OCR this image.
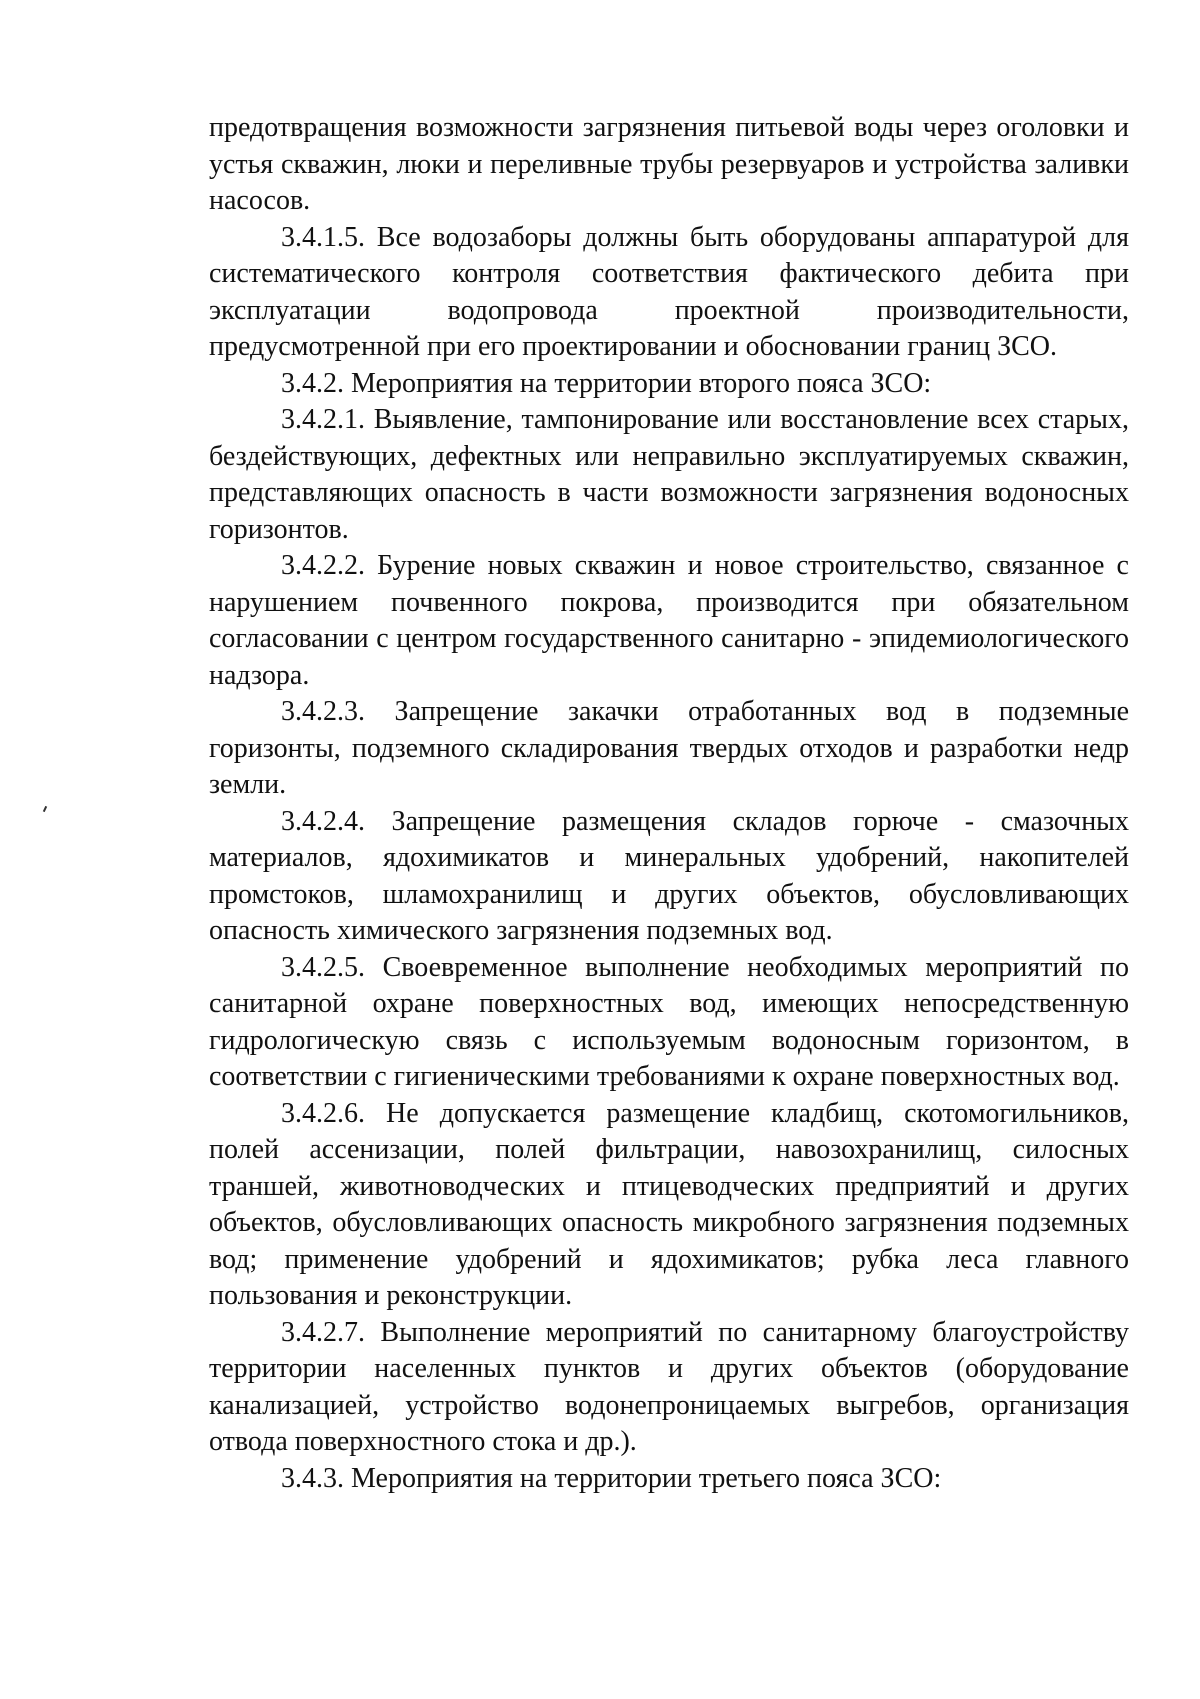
предотвращения возможности загрязнения питьевой воды через оголовки и устья скважин, люки и переливные трубы резервуаров и устройства заливки насосов.

3.4.1.5. Все водозаборы должны быть оборудованы аппаратурой для систематического контроля соответствия фактического дебита при эксплуатации водопровода проектной производительности, предусмотренной при его проектировании и обосновании границ ЗСО.

3.4.2. Мероприятия на территории второго пояса ЗСО:

3.4.2.1. Выявление, тампонирование или восстановление всех старых, бездействующих, дефектных или неправильно эксплуатируемых скважин, представляющих опасность в части возможности загрязнения водоносных горизонтов.

3.4.2.2. Бурение новых скважин и новое строительство, связанное с нарушением почвенного покрова, производится при обязательном согласовании с центром государственного санитарно - эпидемиологического надзора.

3.4.2.3. Запрещение закачки отработанных вод в подземные горизонты, подземного складирования твердых отходов и разработки недр земли.

3.4.2.4. Запрещение размещения складов горюче - смазочных материалов, ядохимикатов и минеральных удобрений, накопителей промстоков, шламохранилищ и других объектов, обусловливающих опасность химического загрязнения подземных вод.

3.4.2.5. Своевременное выполнение необходимых мероприятий по санитарной охране поверхностных вод, имеющих непосредственную гидрологическую связь с используемым водоносным горизонтом, в соответствии с гигиеническими требованиями к охране поверхностных вод.

3.4.2.6. Не допускается размещение кладбищ, скотомогильников, полей ассенизации, полей фильтрации, навозохранилищ, силосных траншей, животноводческих и птицеводческих предприятий и других объектов, обусловливающих опасность микробного загрязнения подземных вод; применение удобрений и ядохимикатов; рубка леса главного пользования и реконструкции.

3.4.2.7. Выполнение мероприятий по санитарному благоустройству территории населенных пунктов и других объектов (оборудование канализацией, устройство водонепроницаемых выгребов, организация отвода поверхностного стока и др.).

3.4.3. Мероприятия на территории третьего пояса ЗСО:
